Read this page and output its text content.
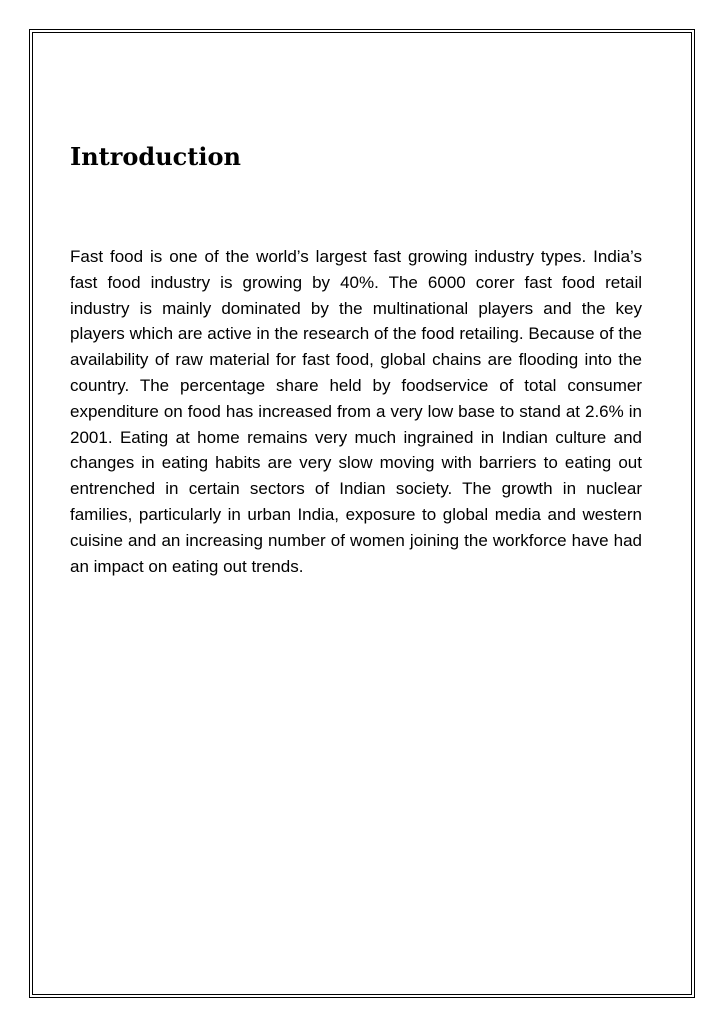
Introduction

Fast food is one of the world’s largest fast growing industry types. India’s fast food industry is growing by 40%. The 6000 corer fast food retail industry is mainly dominated by the multinational players and the key players which are active in the research of the food retailing. Because of the availability of raw material for fast food, global chains are flooding into the country. The percentage share held by foodservice of total consumer expenditure on food has increased from a very low base to stand at 2.6% in 2001. Eating at home remains very much ingrained in Indian culture and changes in eating habits are very slow moving with barriers to eating out entrenched in certain sectors of Indian society. The growth in nuclear families, particularly in urban India, exposure to global media and western cuisine and an increasing number of women joining the workforce have had an impact on eating out trends.
